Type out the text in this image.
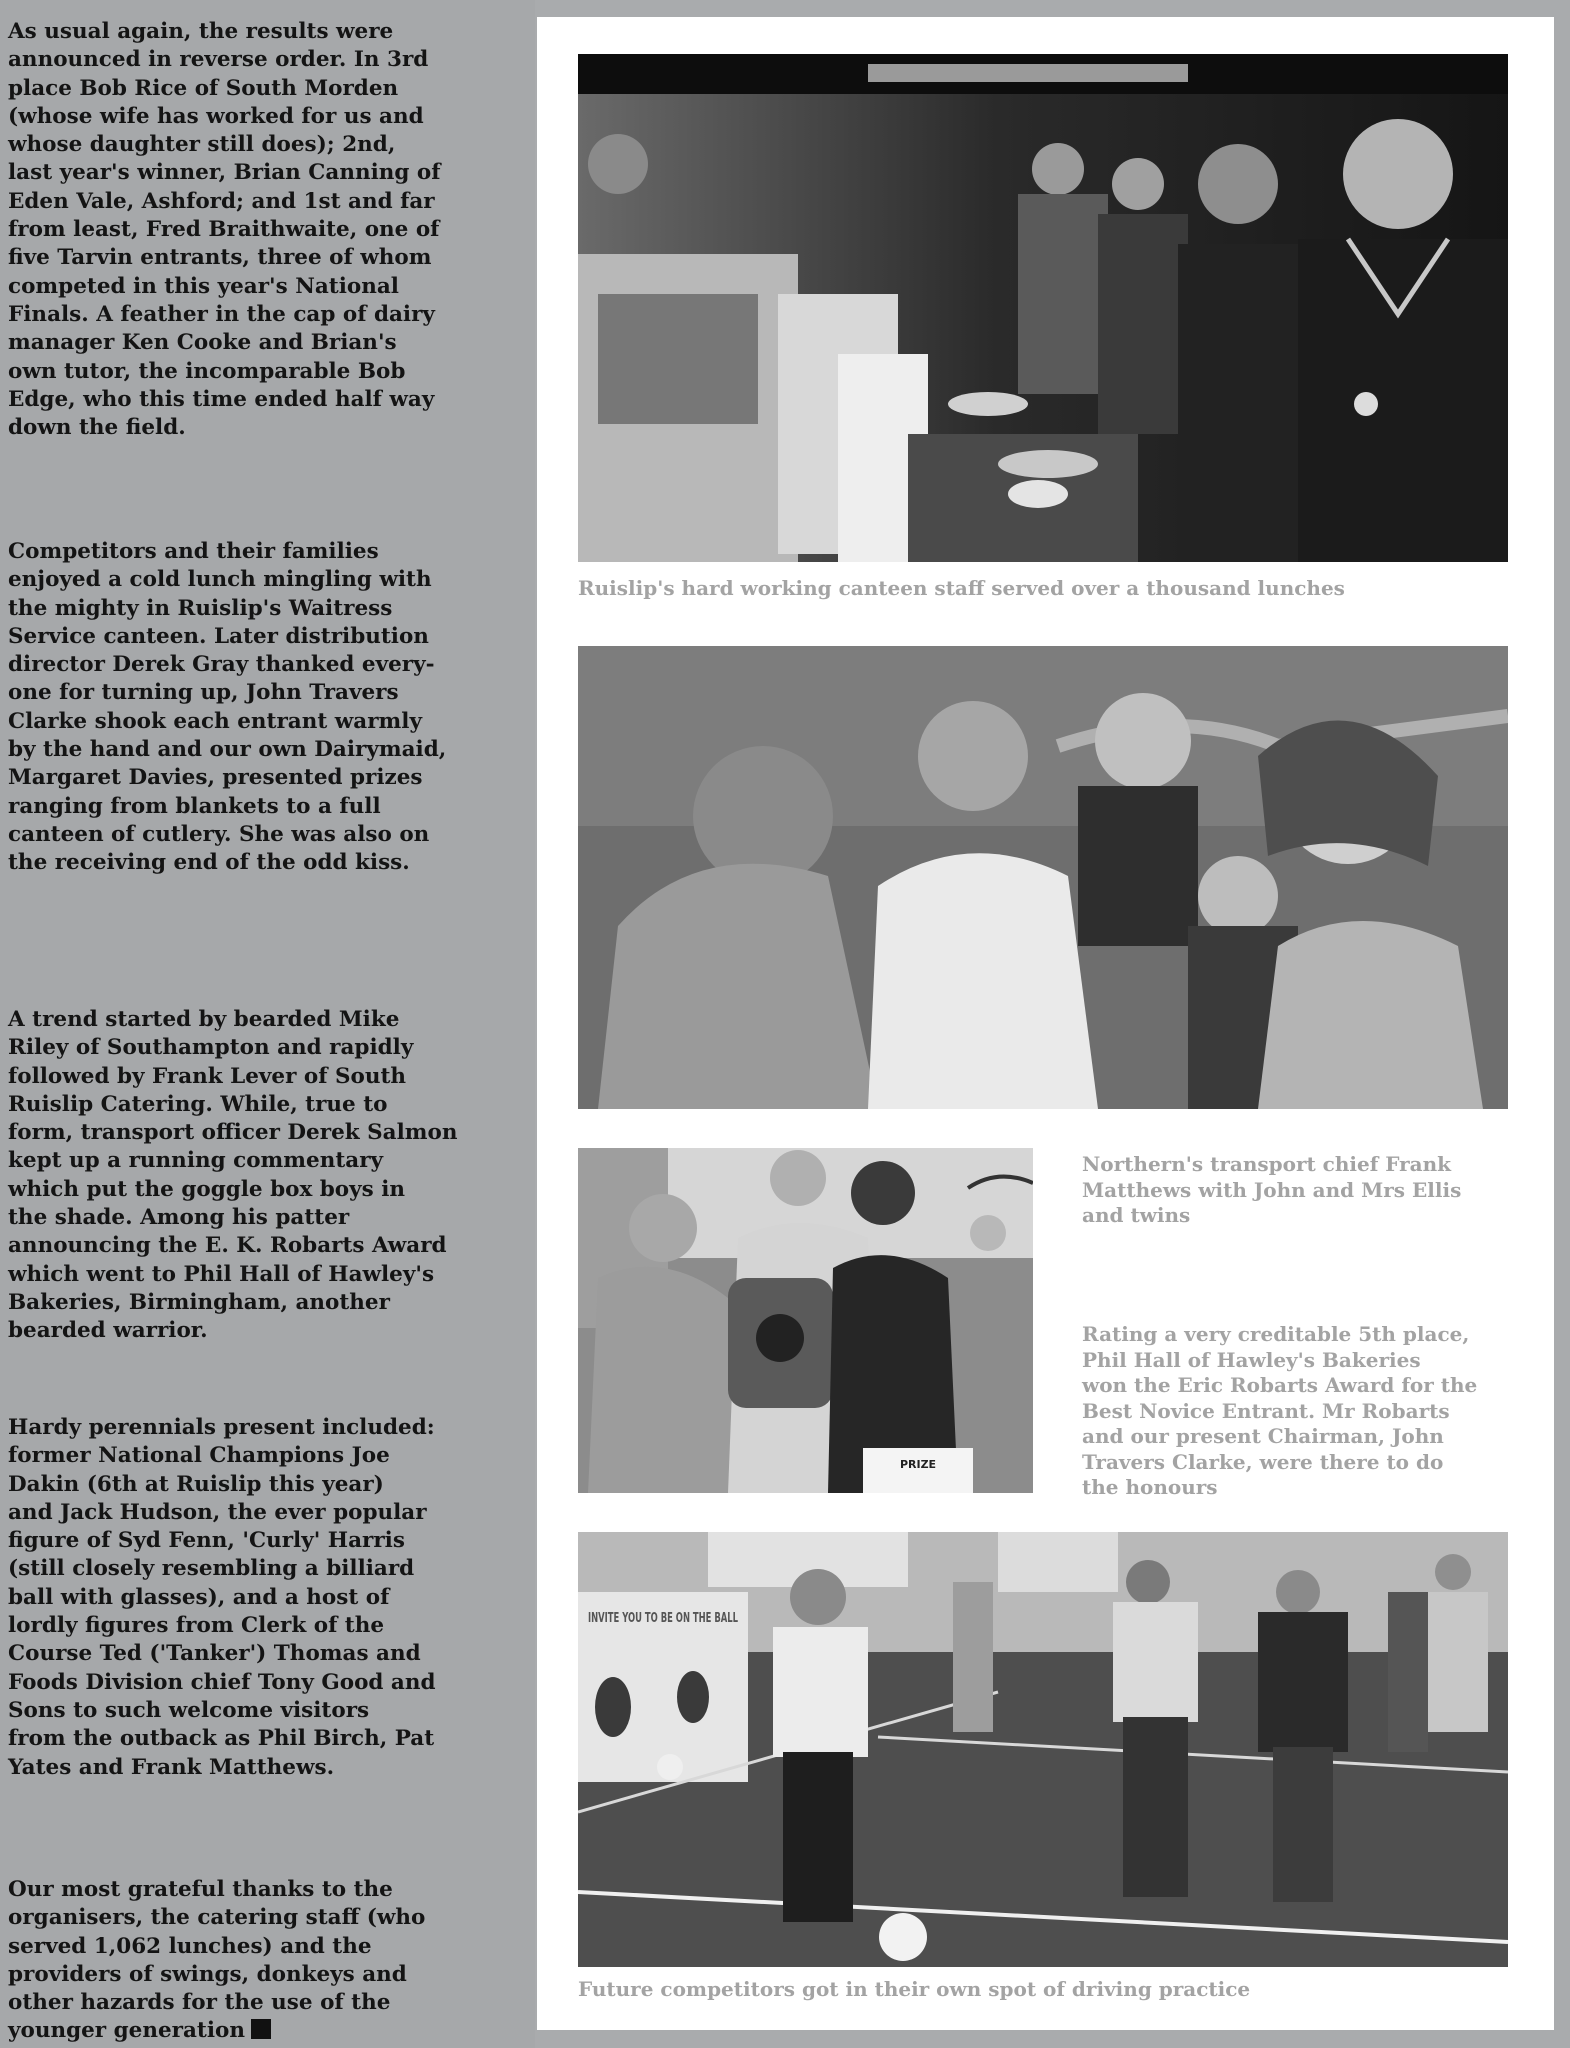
As usual again, the results were
announced in reverse order. In 3rd
place Bob Rice of South Morden
(whose wife has worked for us and
whose daughter still does); 2nd,
last year's winner, Brian Canning of
Eden Vale, Ashford; and 1st and far
from least, Fred Braithwaite, one of
five Tarvin entrants, three of whom
competed in this year's National
Finals. A feather in the cap of dairy
manager Ken Cooke and Brian's
own tutor, the incomparable Bob
Edge, who this time ended half way
down the field.

Competitors and their families
enjoyed a cold lunch mingling with
the mighty in Ruislip's Waitress
Service canteen. Later distribution
director Derek Gray thanked every-
one for turning up, John Travers
Clarke shook each entrant warmly
by the hand and our own Dairymaid,
Margaret Davies, presented prizes
ranging from blankets to a full
canteen of cutlery. She was also on
the receiving end of the odd kiss.

A trend started by bearded Mike
Riley of Southampton and rapidly
followed by Frank Lever of South
Ruislip Catering. While, true to
form, transport officer Derek Salmon
kept up a running commentary
which put the goggle box boys in
the shade. Among his patter
announcing the E. K. Robarts Award
which went to Phil Hall of Hawley's
Bakeries, Birmingham, another
bearded warrior.

Hardy perennials present included:
former National Champions Joe
Dakin (6th at Ruislip this year)
and Jack Hudson, the ever popular
figure of Syd Fenn, 'Curly' Harris
(still closely resembling a billiard
ball with glasses), and a host of
lordly figures from Clerk of the
Course Ted ('Tanker') Thomas and
Foods Division chief Tony Good and
Sons to such welcome visitors
from the outback as Phil Birch, Pat
Yates and Frank Matthews.

Our most grateful thanks to the
organisers, the catering staff (who
served 1,062 lunches) and the
providers of swings, donkeys and
other hazards for the use of the
younger generation

Ruislip's hard working canteen staff served over a thousand lunches

PRIZE

Northern's transport chief Frank
Matthews with John and Mrs Ellis
and twins

Rating a very creditable 5th place,
Phil Hall of Hawley's Bakeries
won the Eric Robarts Award for the
Best Novice Entrant. Mr Robarts
and our present Chairman, John
Travers Clarke, were there to do
the honours

INVITE YOU TO BE ON THE BALL

Future competitors got in their own spot of driving practice
